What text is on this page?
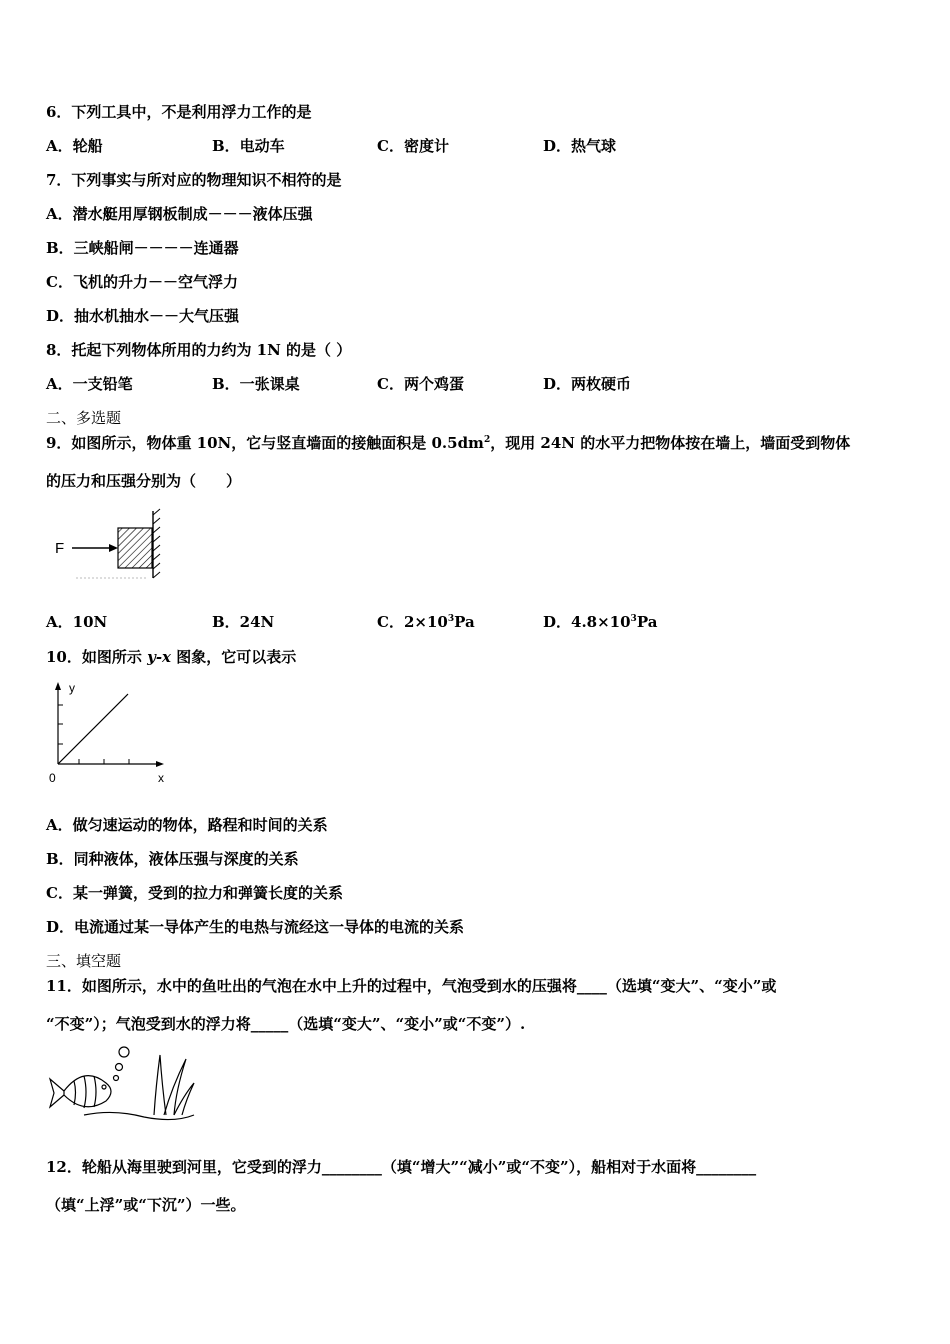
6．下列工具中，不是利用浮力工作的是
A．轮船	B．电动车	C．密度计	D．热气球
7．下列事实与所对应的物理知识不相符的是
A．潜水艇用厚钢板制成－－－液体压强
B．三峡船闸－－－－连通器
C．飞机的升力－－空气浮力
D．抽水机抽水－－大气压强
8．托起下列物体所用的力约为 1N 的是（ ）
A．一支铅笔	B．一张课桌	C．两个鸡蛋	D．两枚硬币
二、多选题
9．如图所示，物体重 10N，它与竖直墙面的接触面积是 $0.5dm^2$，现用 24N 的水平力把物体按在墙上，墙面受到物体
的压力和压强分别为（　　）
F
A．10N	B．24N	C．$2\times 10^3Pa$	D．$4.8\times 10^3Pa$
10．如图所示 y-x 图象，它可以表示
y
x
0
A．做匀速运动的物体，路程和时间的关系
B．同种液体，液体压强与深度的关系
C．某一弹簧，受到的拉力和弹簧长度的关系
D．电流通过某一导体产生的电热与流经这一导体的电流的关系
三、填空题
11．如图所示，水中的鱼吐出的气泡在水中上升的过程中，气泡受到水的压强将____（选填“变大”、“变小”或
“不变”）；气泡受到水的浮力将_____（选填“变大”、“变小”或“不变”）.
12．轮船从海里驶到河里，它受到的浮力________（填“增大”“减小”或“不变”），船相对于水面将________
（填“上浮”或“下沉”）一些。
